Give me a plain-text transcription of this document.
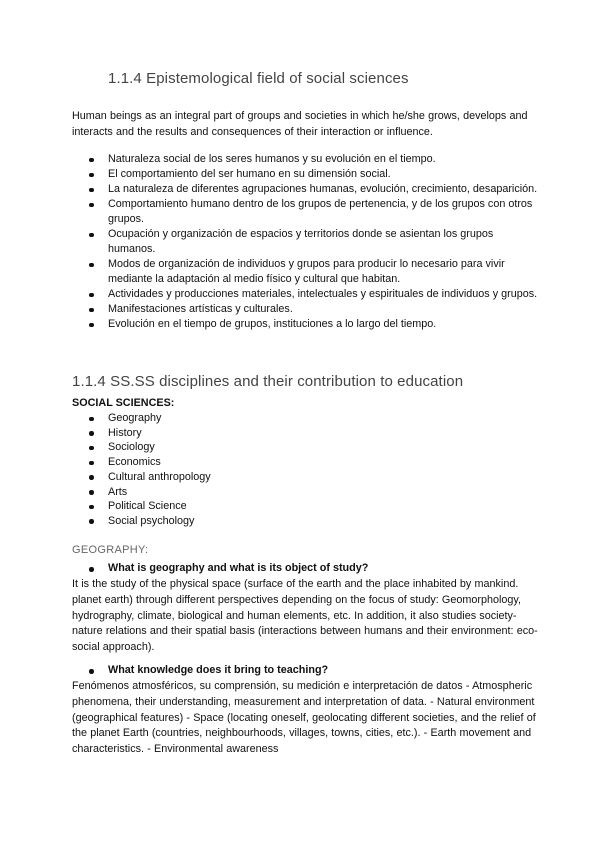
1.1.4 Epistemological field of social sciences

Human beings as an integral part of groups and societies in which he/she grows, develops and interacts and the results and consequences of their interaction or influence.

Naturaleza social de los seres humanos y su evolución en el tiempo.
El comportamiento del ser humano en su dimensión social.
La naturaleza de diferentes agrupaciones humanas, evolución, crecimiento, desaparición.
Comportamiento humano dentro de los grupos de pertenencia, y de los grupos con otros grupos.
Ocupación y organización de espacios y territorios donde se asientan los grupos humanos.
Modos de organización de individuos y grupos para producir lo necesario para vivir mediante la adaptación al medio físico y cultural que habitan.
Actividades y producciones materiales, intelectuales y espirituales de individuos y grupos.
Manifestaciones artísticas y culturales.
Evolución en el tiempo de grupos, instituciones a lo largo del tiempo.
1.1.4 SS.SS disciplines and their contribution to education
SOCIAL SCIENCES:
Geography
History
Sociology
Economics
Cultural anthropology
Arts
Political Science
Social psychology
GEOGRAPHY:
What is geography and what is its object of study?

It is the study of the physical space (surface of the earth and the place inhabited by mankind. planet earth) through different perspectives depending on the focus of study: Geomorphology, hydrography, climate, biological and human elements, etc. In addition, it also studies society-nature relations and their spatial basis (interactions between humans and their environment: eco-social approach).

What knowledge does it bring to teaching?

Fenómenos atmosféricos, su comprensión, su medición e interpretación de datos - Atmospheric phenomena, their understanding, measurement and interpretation of data. - Natural environment (geographical features) - Space (locating oneself, geolocating different societies, and the relief of the planet Earth (countries, neighbourhoods, villages, towns, cities, etc.). - Earth movement and characteristics. - Environmental awareness
